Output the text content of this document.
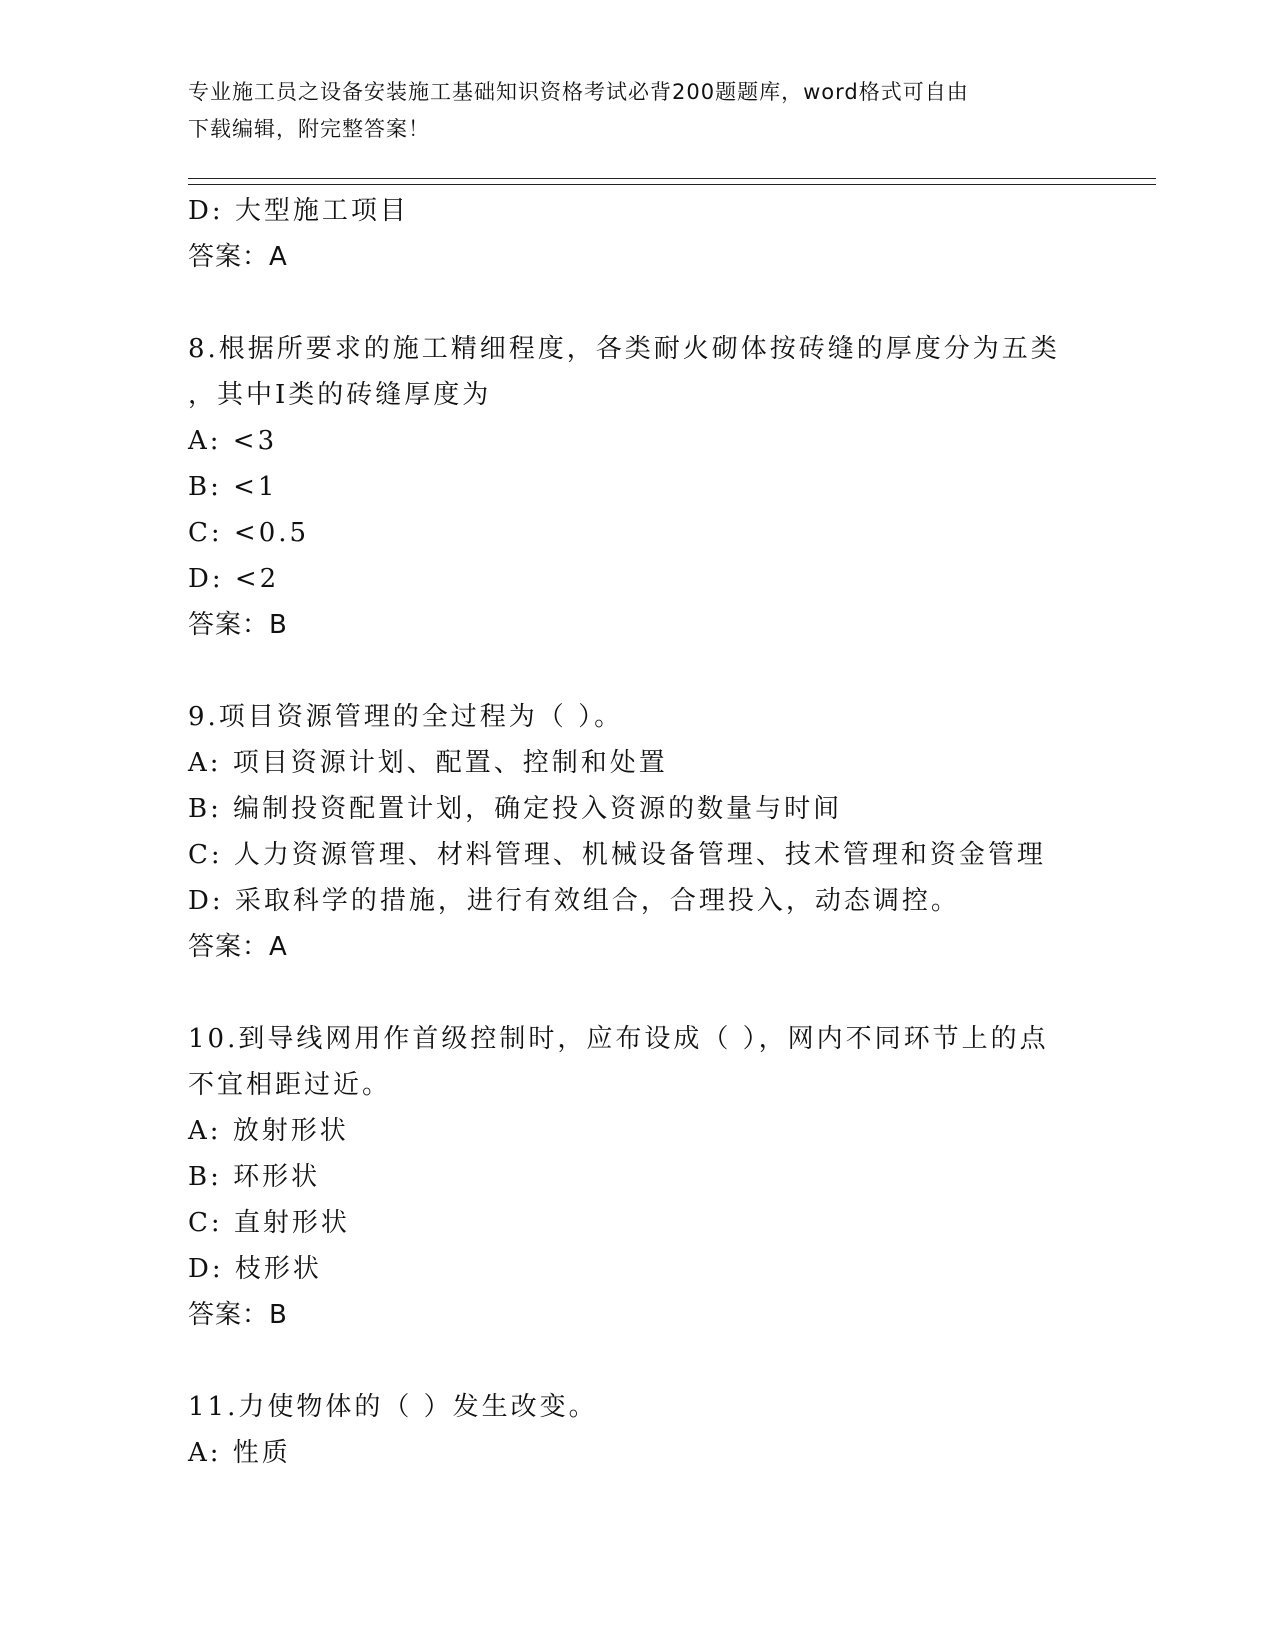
专业施工员之设备安装施工基础知识资格考试必背200题题库，word格式可自由
下载编辑，附完整答案！
D: 大型施工项目
答案：A
8.根据所要求的施工精细程度，各类耐火砌体按砖缝的厚度分为五类
，其中Ⅰ类的砖缝厚度为
A: <3
B: <1
C: <0.5
D: <2
答案：B
9.项目资源管理的全过程为（ ）。
A: 项目资源计划、配置、控制和处置
B: 编制投资配置计划，确定投入资源的数量与时间
C: 人力资源管理、材料管理、机械设备管理、技术管理和资金管理
D: 采取科学的措施，进行有效组合，合理投入，动态调控。
答案：A
10.到导线网用作首级控制时，应布设成（ ），网内不同环节上的点
不宜相距过近。
A: 放射形状
B: 环形状
C: 直射形状
D: 枝形状
答案：B
11.力使物体的（ ）发生改变。
A: 性质
